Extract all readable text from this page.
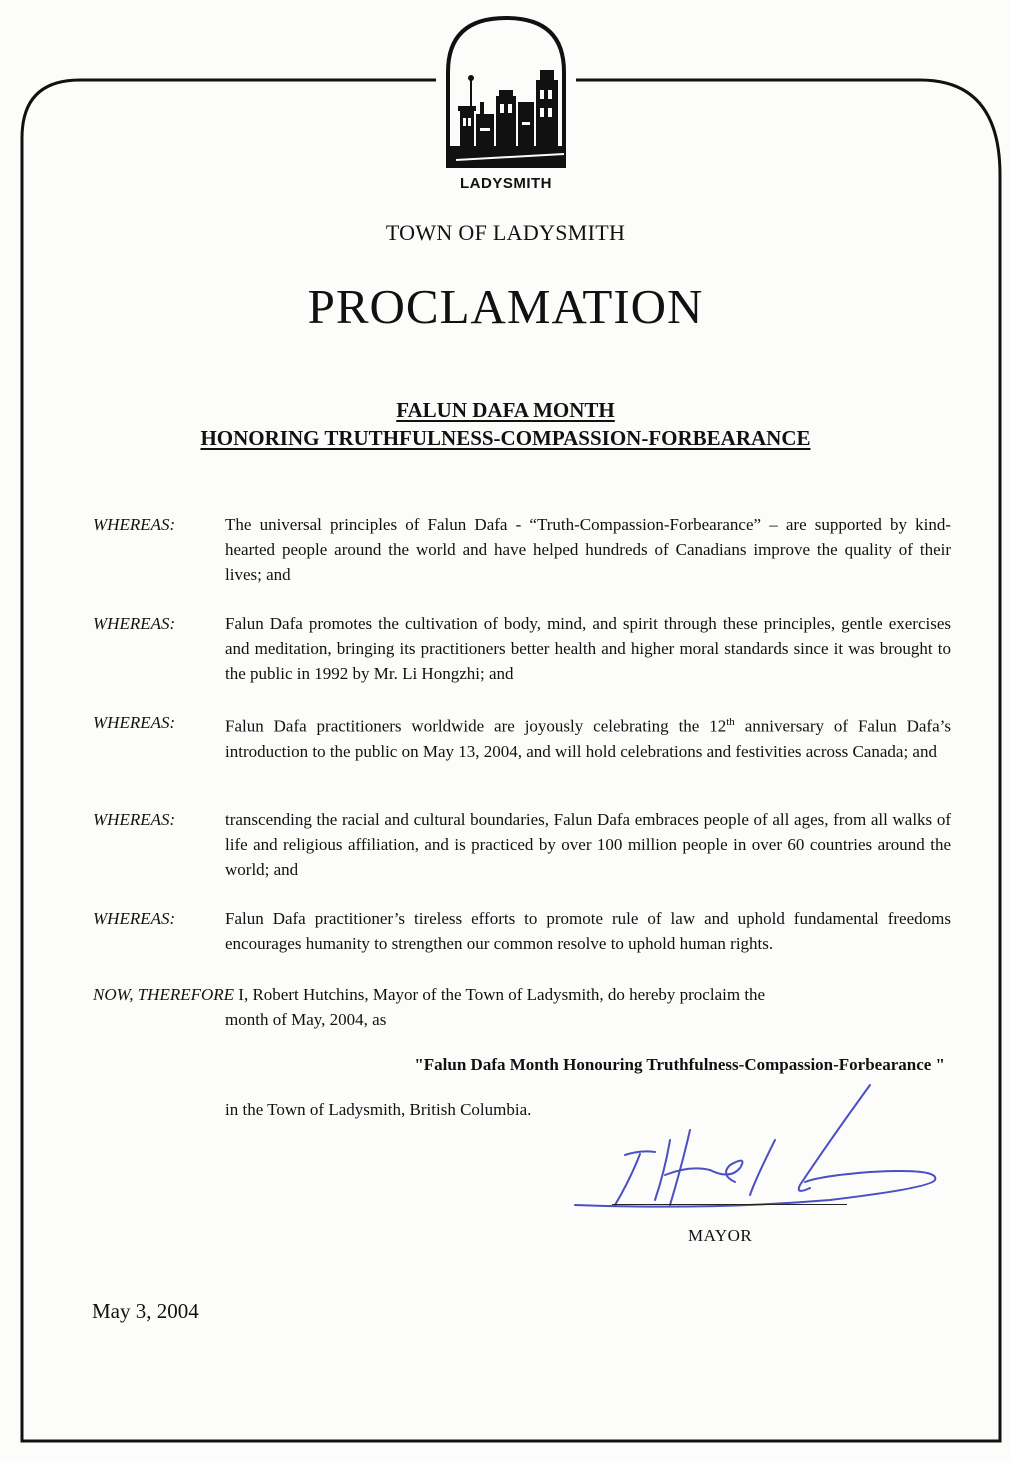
LADYSMITH
TOWN OF LADYSMITH
PROCLAMATION
FALUN DAFA MONTH
HONORING TRUTHFULNESS-COMPASSION-FORBEARANCE
WHEREAS:	The universal principles of Falun Dafa - “Truth-Compassion-Forbearance” – are supported by kind-hearted people around the world and have helped hundreds of Canadians improve the quality of their lives; and
WHEREAS:	Falun Dafa promotes the cultivation of body, mind, and spirit through these principles, gentle exercises and meditation, bringing its practitioners better health and higher moral standards since it was brought to the public in 1992 by Mr. Li Hongzhi; and
WHEREAS:	Falun Dafa practitioners worldwide are joyously celebrating the 12th anniversary of Falun Dafa’s introduction to the public on May 13, 2004, and will hold celebrations and festivities across Canada; and
WHEREAS:	transcending the racial and cultural boundaries, Falun Dafa embraces people of all ages, from all walks of life and religious affiliation, and is practiced by over 100 million people in over 60 countries around the world; and
WHEREAS:	Falun Dafa practitioner’s tireless efforts to promote rule of law and uphold fundamental freedoms encourages humanity to strengthen our common resolve to uphold human rights.
NOW, THEREFORE I, Robert Hutchins, Mayor of the Town of Ladysmith, do hereby proclaim the
month of May, 2004, as
"Falun Dafa Month Honouring Truthfulness-Compassion-Forbearance "
in the Town of Ladysmith, British Columbia.
MAYOR
May 3, 2004
